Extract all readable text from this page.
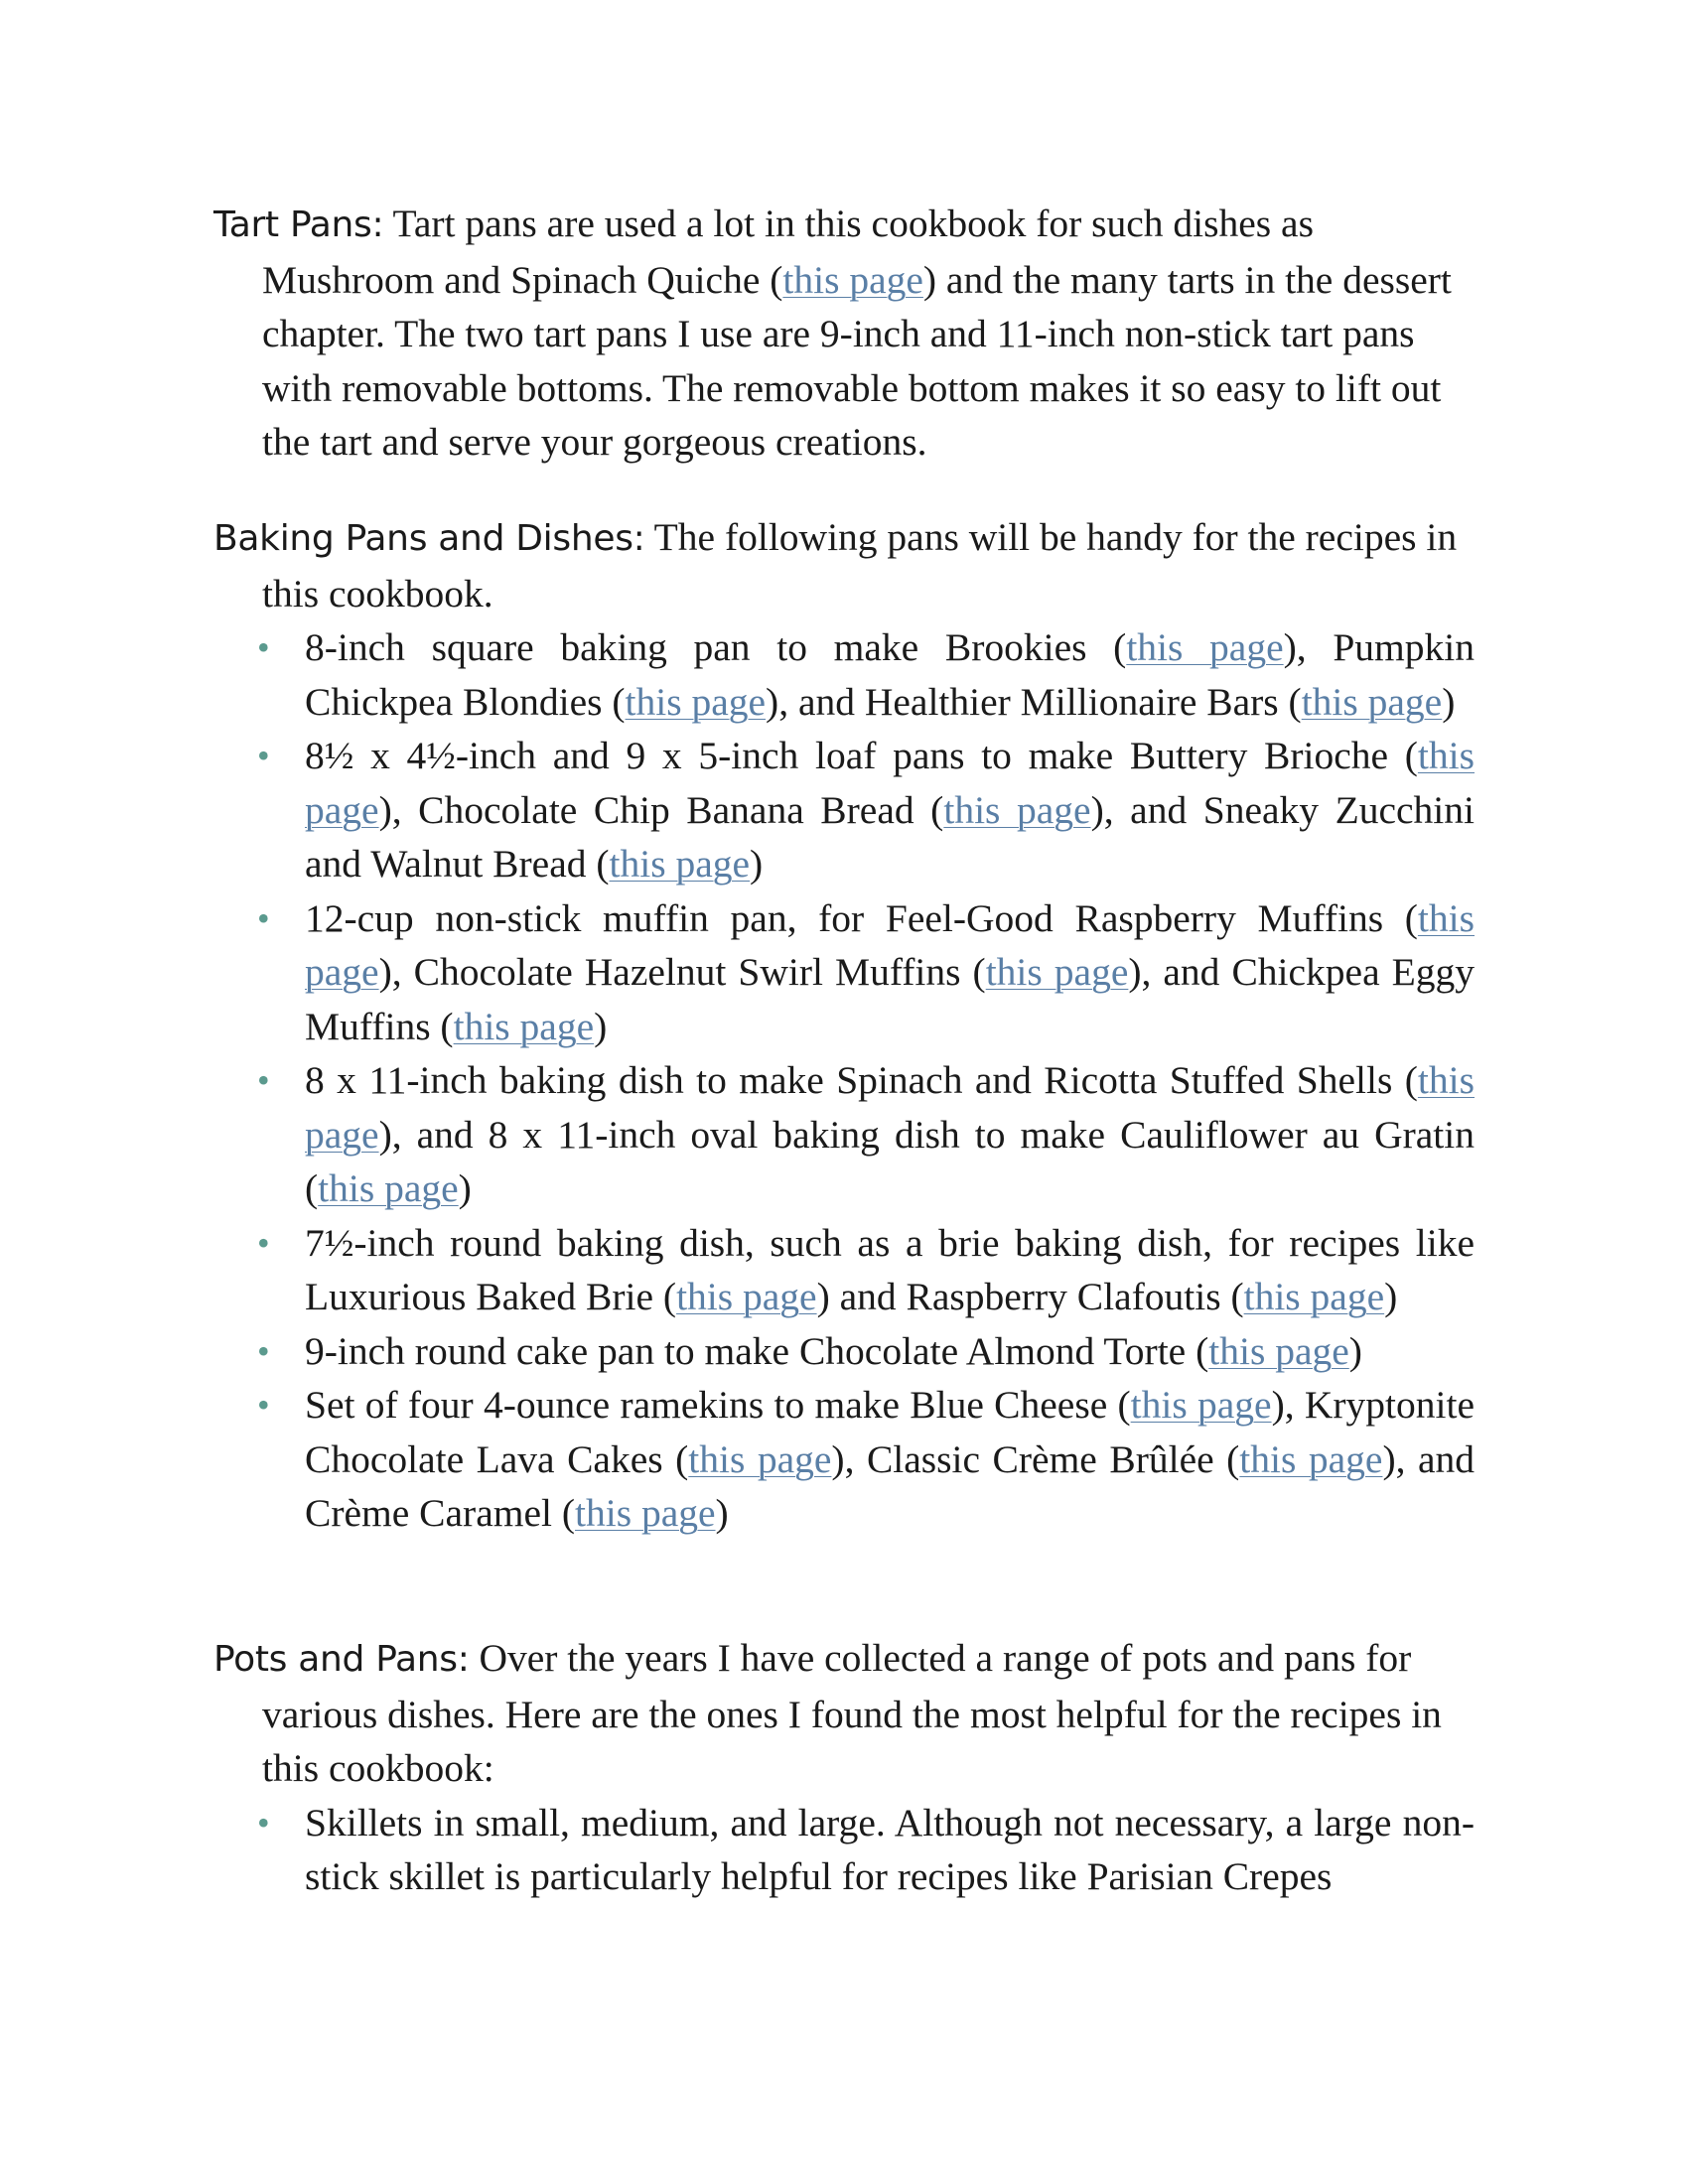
Tart Pans: Tart pans are used a lot in this cookbook for such dishes as Mushroom and Spinach Quiche (this page) and the many tarts in the dessert chapter. The two tart pans I use are 9-inch and 11-inch non-stick tart pans with removable bottoms. The removable bottom makes it so easy to lift out the tart and serve your gorgeous creations.

Baking Pans and Dishes: The following pans will be handy for the recipes in this cookbook.

• 8-inch square baking pan to make Brookies (this page), Pumpkin Chickpea Blondies (this page), and Healthier Millionaire Bars (this page)
• 8½ x 4½-inch and 9 x 5-inch loaf pans to make Buttery Brioche (this page), Chocolate Chip Banana Bread (this page), and Sneaky Zucchini and Walnut Bread (this page)
• 12-cup non-stick muffin pan, for Feel-Good Raspberry Muffins (this page), Chocolate Hazelnut Swirl Muffins (this page), and Chickpea Eggy Muffins (this page)
• 8 x 11-inch baking dish to make Spinach and Ricotta Stuffed Shells (this page), and 8 x 11-inch oval baking dish to make Cauliflower au Gratin (this page)
• 7½-inch round baking dish, such as a brie baking dish, for recipes like Luxurious Baked Brie (this page) and Raspberry Clafoutis (this page)
• 9-inch round cake pan to make Chocolate Almond Torte (this page)
• Set of four 4-ounce ramekins to make Blue Cheese (this page), Kryptonite Chocolate Lava Cakes (this page), Classic Crème Brûlée (this page), and Crème Caramel (this page)

Pots and Pans: Over the years I have collected a range of pots and pans for various dishes. Here are the ones I found the most helpful for the recipes in this cookbook:

• Skillets in small, medium, and large. Although not necessary, a large non-stick skillet is particularly helpful for recipes like Parisian Crepes
